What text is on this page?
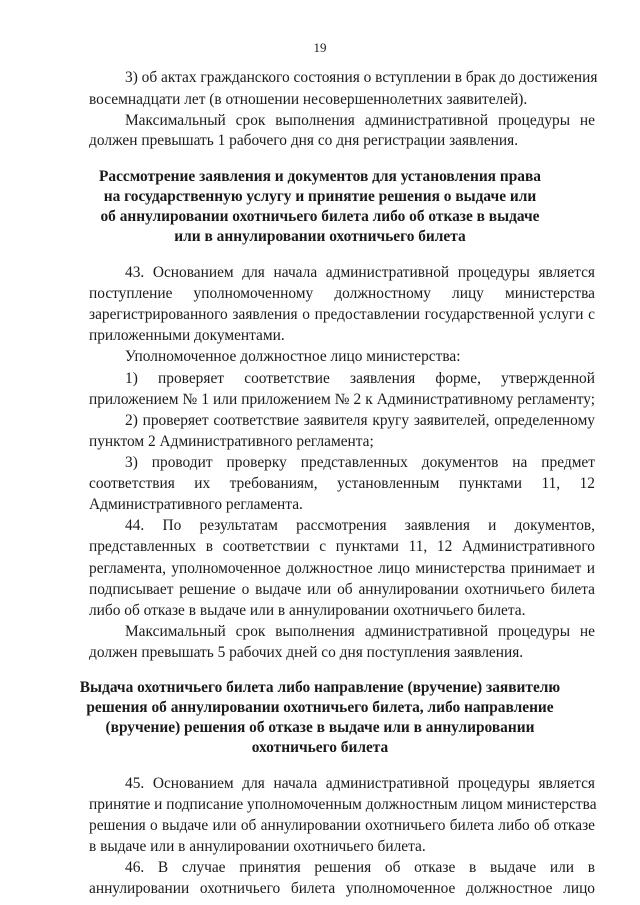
19
3) об актах гражданского состояния о вступлении в брак до достижения
восемнадцати лет (в отношении несовершеннолетних заявителей).
Максимальный срок выполнения административной процедуры не
должен превышать 1 рабочего дня со дня регистрации заявления.
Рассмотрение заявления и документов для установления права
на государственную услугу и принятие решения о выдаче или
об аннулировании охотничьего билета либо об отказе в выдаче
или в аннулировании охотничьего билета
43. Основанием для начала административной процедуры является
поступление уполномоченному должностному лицу министерства
зарегистрированного заявления о предоставлении государственной услуги с
приложенными документами.
Уполномоченное должностное лицо министерства:
1) проверяет соответствие заявления форме, утвержденной
приложением № 1 или приложением № 2 к Административному регламенту;
2) проверяет соответствие заявителя кругу заявителей, определенному
пунктом 2 Административного регламента;
3) проводит проверку представленных документов на предмет
соответствия их требованиям, установленным пунктами 11, 12
Административного регламента.
44. По результатам рассмотрения заявления и документов,
представленных в соответствии с пунктами 11, 12 Административного
регламента, уполномоченное должностное лицо министерства принимает и
подписывает решение о выдаче или об аннулировании охотничьего билета
либо об отказе в выдаче или в аннулировании охотничьего билета.
Максимальный срок выполнения административной процедуры не
должен превышать 5 рабочих дней со дня поступления заявления.
Выдача охотничьего билета либо направление (вручение) заявителю
решения об аннулировании охотничьего билета, либо направление
(вручение) решения об отказе в выдаче или в аннулировании
охотничьего билета
45. Основанием для начала административной процедуры является
принятие и подписание уполномоченным должностным лицом министерства
решения о выдаче или об аннулировании охотничьего билета либо об отказе
в выдаче или в аннулировании охотничьего билета.
46. В случае принятия решения об отказе в выдаче или в
аннулировании охотничьего билета уполномоченное должностное лицо
